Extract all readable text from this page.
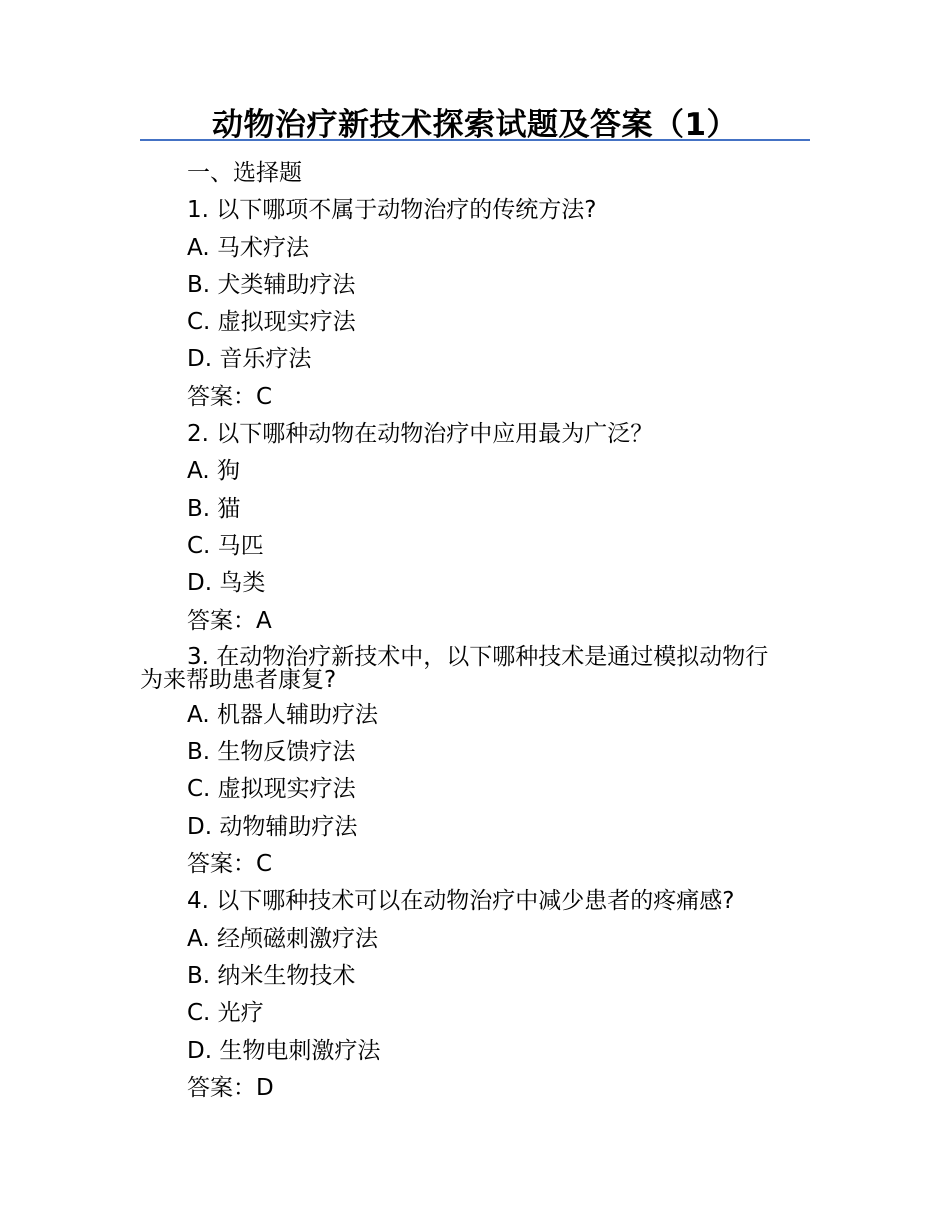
动物治疗新技术探索试题及答案（1）
一、选择题
1. 以下哪项不属于动物治疗的传统方法?
A. 马术疗法
B. 犬类辅助疗法
C. 虚拟现实疗法
D. 音乐疗法
答案：C
2. 以下哪种动物在动物治疗中应用最为广泛？
A. 狗
B. 猫
C. 马匹
D. 鸟类
答案：A
3. 在动物治疗新技术中，以下哪种技术是通过模拟动物行
为来帮助患者康复?
A. 机器人辅助疗法
B. 生物反馈疗法
C. 虚拟现实疗法
D. 动物辅助疗法
答案：C
4. 以下哪种技术可以在动物治疗中减少患者的疼痛感?
A. 经颅磁刺激疗法
B. 纳米生物技术
C. 光疗
D. 生物电刺激疗法
答案：D
